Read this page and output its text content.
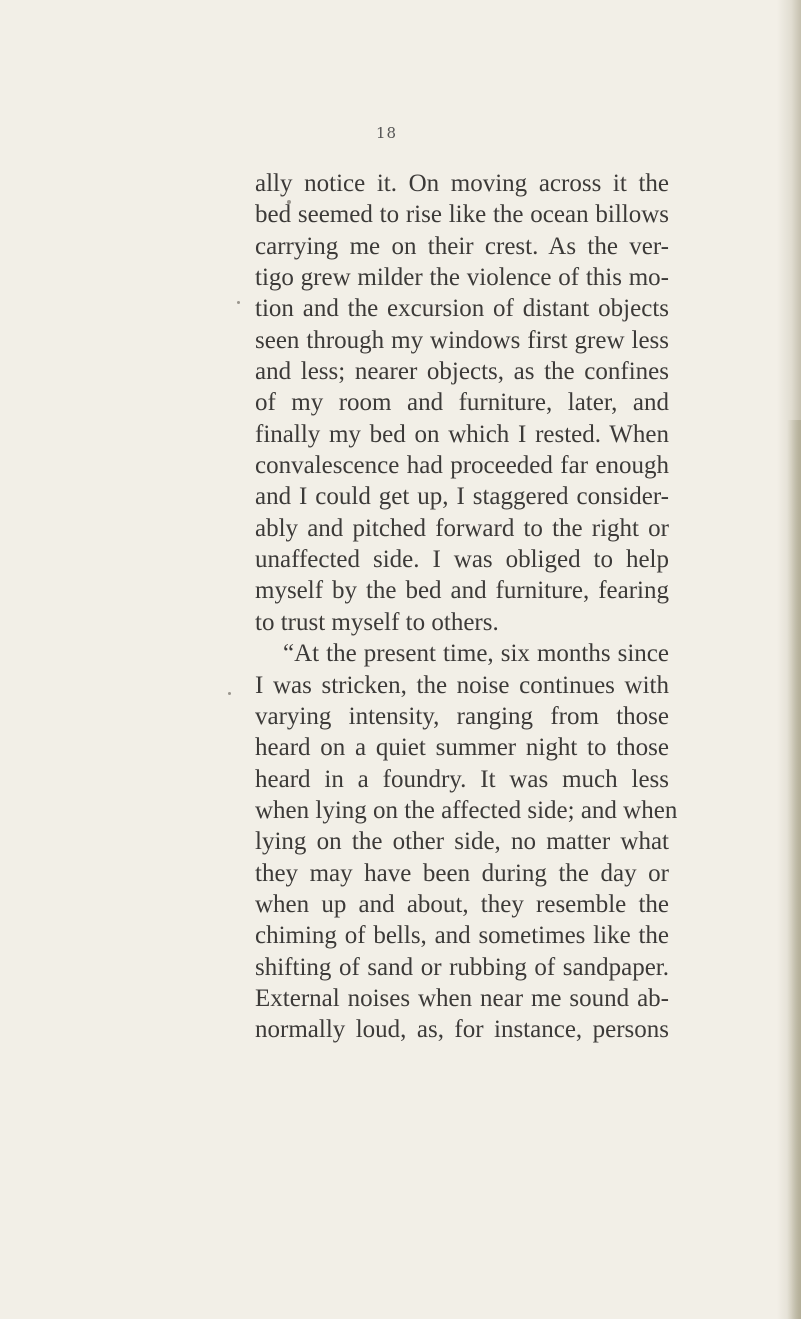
18
ally notice it. On moving across it the
bed seemed to rise like the ocean billows
carrying me on their crest. As the ver-
tigo grew milder the violence of this mo-
tion and the excursion of distant objects
seen through my windows first grew less
and less; nearer objects, as the confines
of my room and furniture, later, and
finally my bed on which I rested. When
convalescence had proceeded far enough
and I could get up, I staggered consider-
ably and pitched forward to the right or
unaffected side. I was obliged to help
myself by the bed and furniture, fearing
to trust myself to others.
“At the present time, six months since
I was stricken, the noise continues with
varying intensity, ranging from those
heard on a quiet summer night to those
heard in a foundry. It was much less
when lying on the affected side; and when
lying on the other side, no matter what
they may have been during the day or
when up and about, they resemble the
chiming of bells, and sometimes like the
shifting of sand or rubbing of sandpaper.
External noises when near me sound ab-
normally loud, as, for instance, persons
